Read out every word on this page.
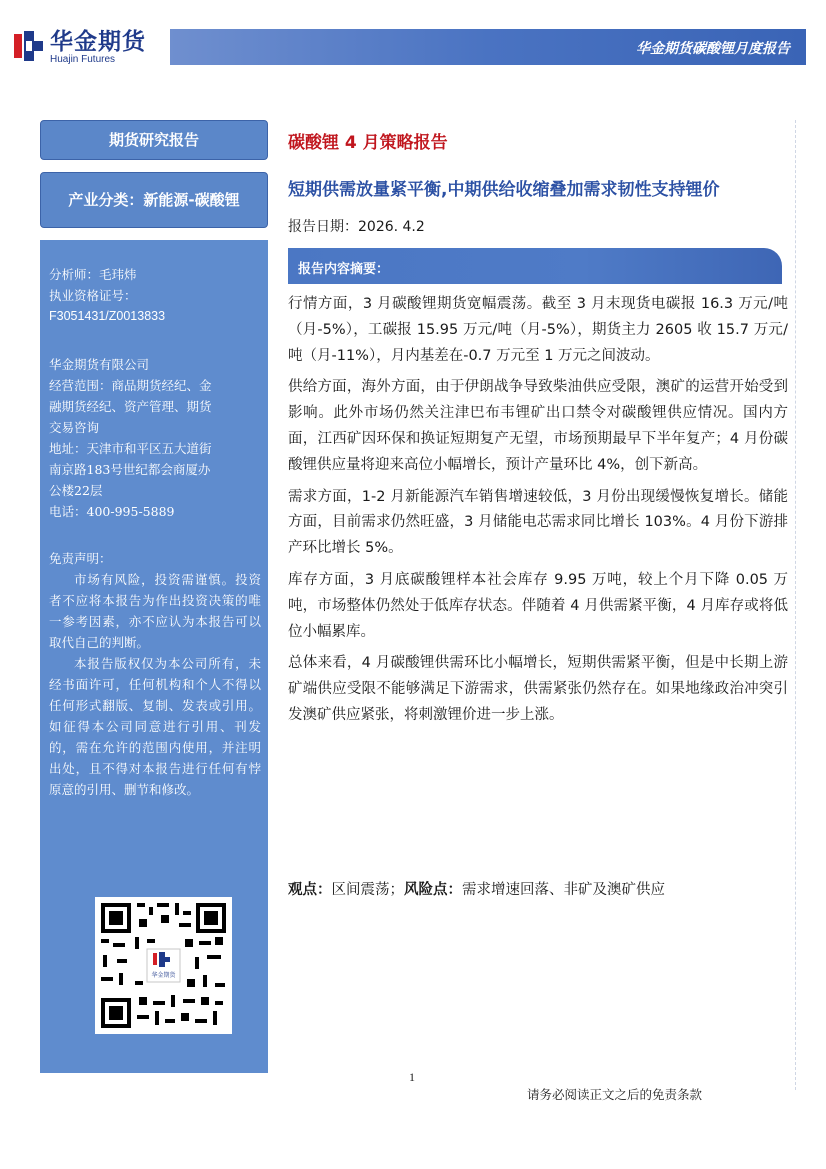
华金期货
Huajin Futures
华金期货碳酸锂月度报告
期货研究报告
产业分类：新能源-碳酸锂

分析师：毛玮炜

执业资格证号：

F3051431/Z0013833

华金期货有限公司

经营范围：商品期货经纪、金

融期货经纪、资产管理、期货

交易咨询

地址：天津市和平区五大道街

南京路183号世纪都会商厦办

公楼22层

电话：400-995-5889

免责声明：

市场有风险，投资需谨慎。投资者不应将本报告为作出投资决策的唯一参考因素，亦不应认为本报告可以取代自己的判断。

本报告版权仅为本公司所有，未经书面许可，任何机构和个人不得以任何形式翻版、复制、发表或引用。如征得本公司同意进行引用、刊发的，需在允许的范围内使用，并注明出处，且不得对本报告进行任何有悖原意的引用、删节和修改。

华金期货
碳酸锂 4 月策略报告
短期供需放量紧平衡,中期供给收缩叠加需求韧性支持锂价
报告日期：2026. 4.2
报告内容摘要：

行情方面，3 月碳酸锂期货宽幅震荡。截至 3 月末现货电碳报 16.3 万元/吨（月-5%），工碳报 15.95 万元/吨（月-5%），期货主力 2605 收 15.7 万元/吨（月-11%），月内基差在-0.7 万元至 1 万元之间波动。

供给方面，海外方面，由于伊朗战争导致柴油供应受限，澳矿的运营开始受到影响。此外市场仍然关注津巴布韦锂矿出口禁令对碳酸锂供应情况。国内方面，江西矿因环保和换证短期复产无望，市场预期最早下半年复产；4 月份碳酸锂供应量将迎来高位小幅增长，预计产量环比 4%，创下新高。

需求方面，1-2 月新能源汽车销售增速较低，3 月份出现缓慢恢复增长。储能方面，目前需求仍然旺盛，3 月储能电芯需求同比增长 103%。4 月份下游排产环比增长 5%。

库存方面，3 月底碳酸锂样本社会库存 9.95 万吨，较上个月下降 0.05 万吨，市场整体仍然处于低库存状态。伴随着 4 月供需紧平衡，4 月库存或将低位小幅累库。

总体来看，4 月碳酸锂供需环比小幅增长，短期供需紧平衡，但是中长期上游矿端供应受限不能够满足下游需求，供需紧张仍然存在。如果地缘政治冲突引发澳矿供应紧张，将刺激锂价进一步上涨。

观点：区间震荡；风险点：需求增速回落、非矿及澳矿供应
1
请务必阅读正文之后的免责条款
